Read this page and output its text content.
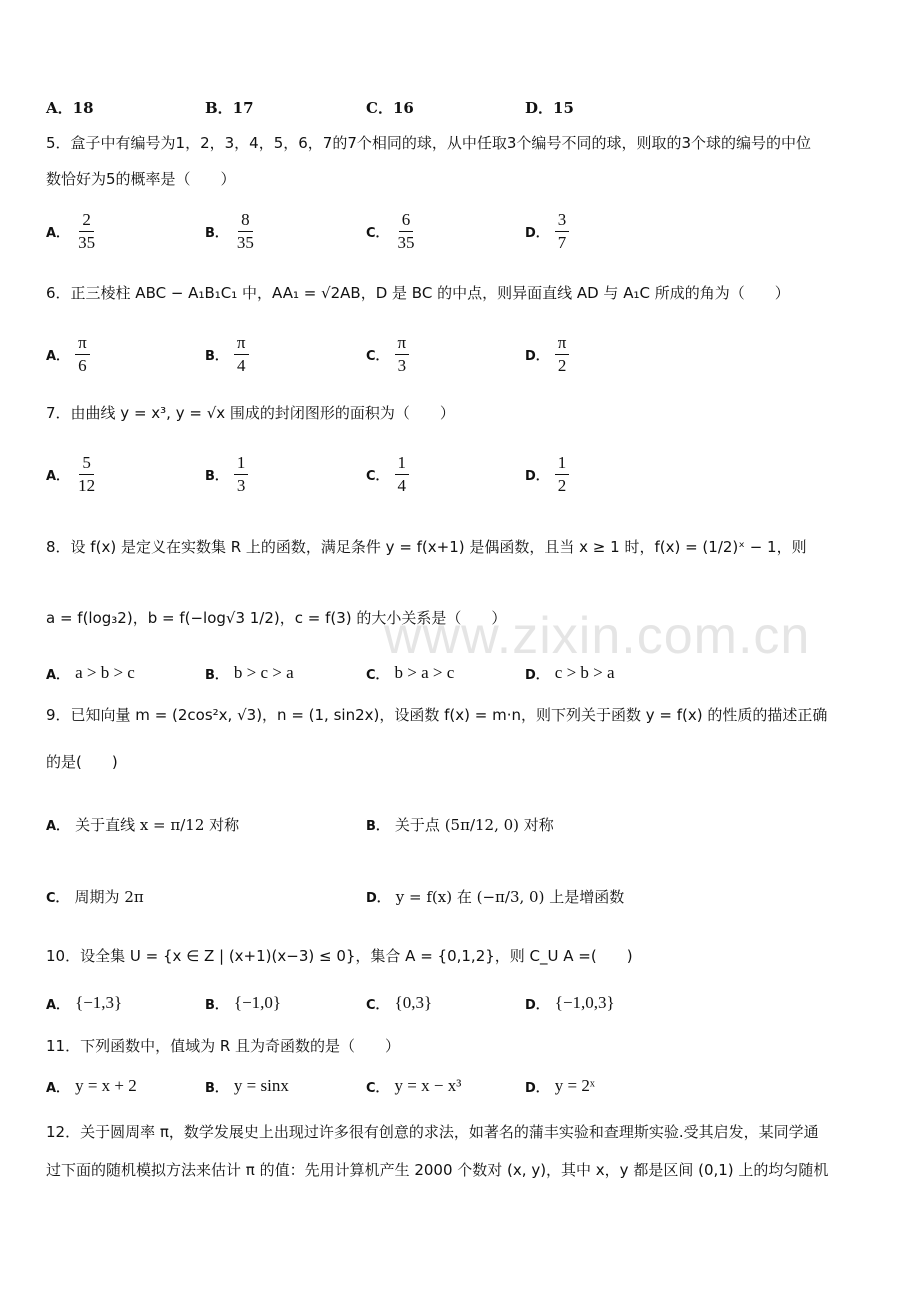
A．18	B．17	C．16	D．15
5．盒子中有编号为1，2，3，4，5，6，7的7个相同的球，从中任取3个编号不同的球，则取的3个球的编号的中位
数恰好为5的概率是（　　）
A． $\frac{2}{35}$	B． $\frac{8}{35}$	C． $\frac{6}{35}$	D． $\frac{3}{7}$
6．正三棱柱 ABC − A₁B₁C₁ 中，AA₁ = √2AB，D 是 BC 的中点，则异面直线 AD 与 A₁C 所成的角为（　　）
A． $\frac{\pi}{6}$	B． $\frac{\pi}{4}$	C． $\frac{\pi}{3}$	D． $\frac{\pi}{2}$
7．由曲线 y = x³, y = √x 围成的封闭图形的面积为（　　）
A． $\frac{5}{12}$	B． $\frac{1}{3}$	C． $\frac{1}{4}$	D． $\frac{1}{2}$
8．设 f(x) 是定义在实数集 R 上的函数，满足条件 y = f(x+1) 是偶函数，且当 x ≥ 1 时，f(x) = (1/2)ˣ − 1，则
a = f(log₃2)，b = f(−log√3 1/2)，c = f(3) 的大小关系是（　　）
A． a > b > c	B． b > c > a	C． b > a > c	D． c > b > a
9．已知向量 m = (2cos²x, √3)，n = (1, sin2x)，设函数 f(x) = m·n，则下列关于函数 y = f(x) 的性质的描述正确
的是(　　)
A． 关于直线 x = π/12 对称	B． 关于点 (5π/12, 0) 对称
C． 周期为 2π	D． y = f(x) 在 (−π/3, 0) 上是增函数
10．设全集 U = {x ∈ Z | (x+1)(x−3) ≤ 0}，集合 A = {0,1,2}，则 C_U A =(　　)
A． {−1,3}	B． {−1,0}	C． {0,3}	D． {−1,0,3}
11．下列函数中，值域为 R 且为奇函数的是（　　）
A． y = x + 2	B． y = sinx	C． y = x − x³	D． y = 2ˣ
12．关于圆周率 π，数学发展史上出现过许多很有创意的求法，如著名的蒲丰实验和查理斯实验.受其启发，某同学通
过下面的随机模拟方法来估计 π 的值：先用计算机产生 2000 个数对 (x, y)，其中 x，y 都是区间 (0,1) 上的均匀随机
www.zixin.com.cn
